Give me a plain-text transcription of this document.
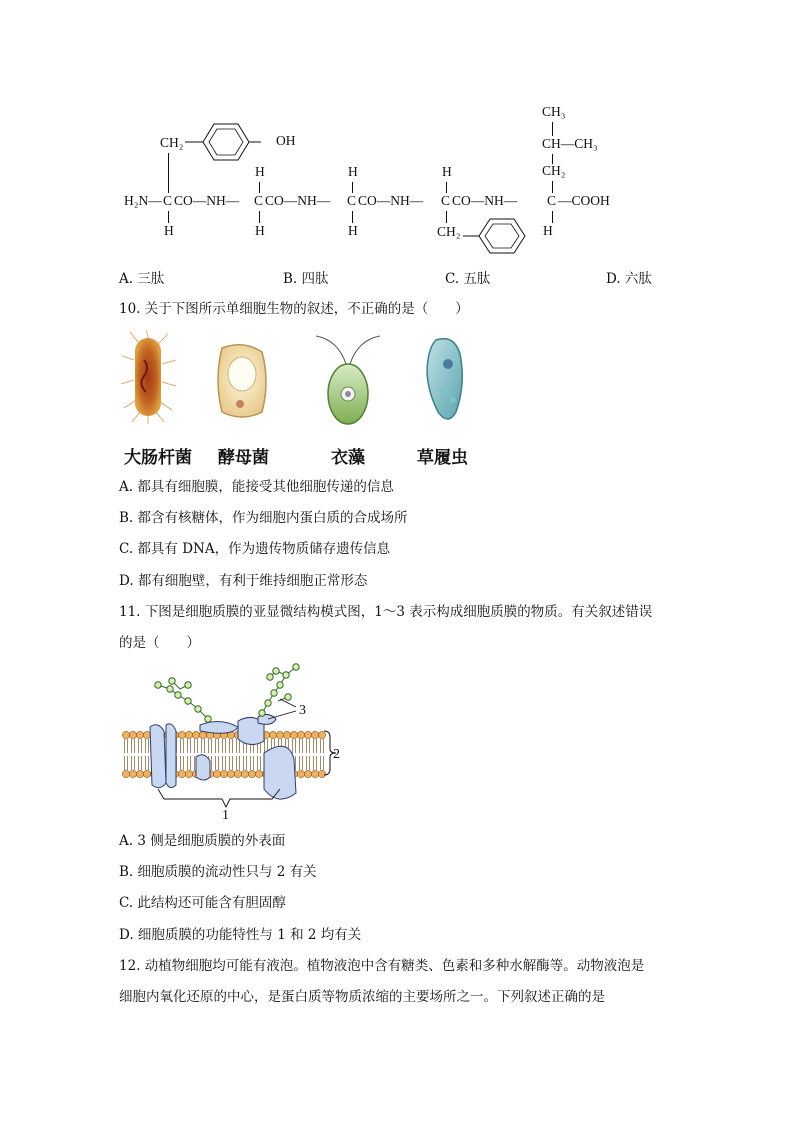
CH₃
CH—CH₃
CH₂
CH₂	OH
H	H	H
H₂N— C CO—NH— C CO—NH— C CO—NH— C CO—NH— C —COOH
H	H	H	CH₂	H
A. 三肽	B. 四肽	C. 五肽	D. 六肽
10. 关于下图所示单细胞生物的叙述，不正确的是（　　）
大肠杆菌 酵母菌	衣藻	草履虫
A. 都具有细胞膜，能接受其他细胞传递的信息
B. 都含有核糖体，作为细胞内蛋白质的合成场所
C. 都具有 DNA，作为遗传物质储存遗传信息
D. 都有细胞壁，有利于维持细胞正常形态
11. 下图是细胞质膜的亚显微结构模式图，1～3 表示构成细胞质膜的物质。有关叙述错误
的是（　　）
3
2
1
A. 3 侧是细胞质膜的外表面
B. 细胞质膜的流动性只与 2 有关
C. 此结构还可能含有胆固醇
D. 细胞质膜的功能特性与 1 和 2 均有关
12. 动植物细胞均可能有液泡。植物液泡中含有糖类、色素和多种水解酶等。动物液泡是
细胞内氧化还原的中心，是蛋白质等物质浓缩的主要场所之一。下列叙述正确的是
